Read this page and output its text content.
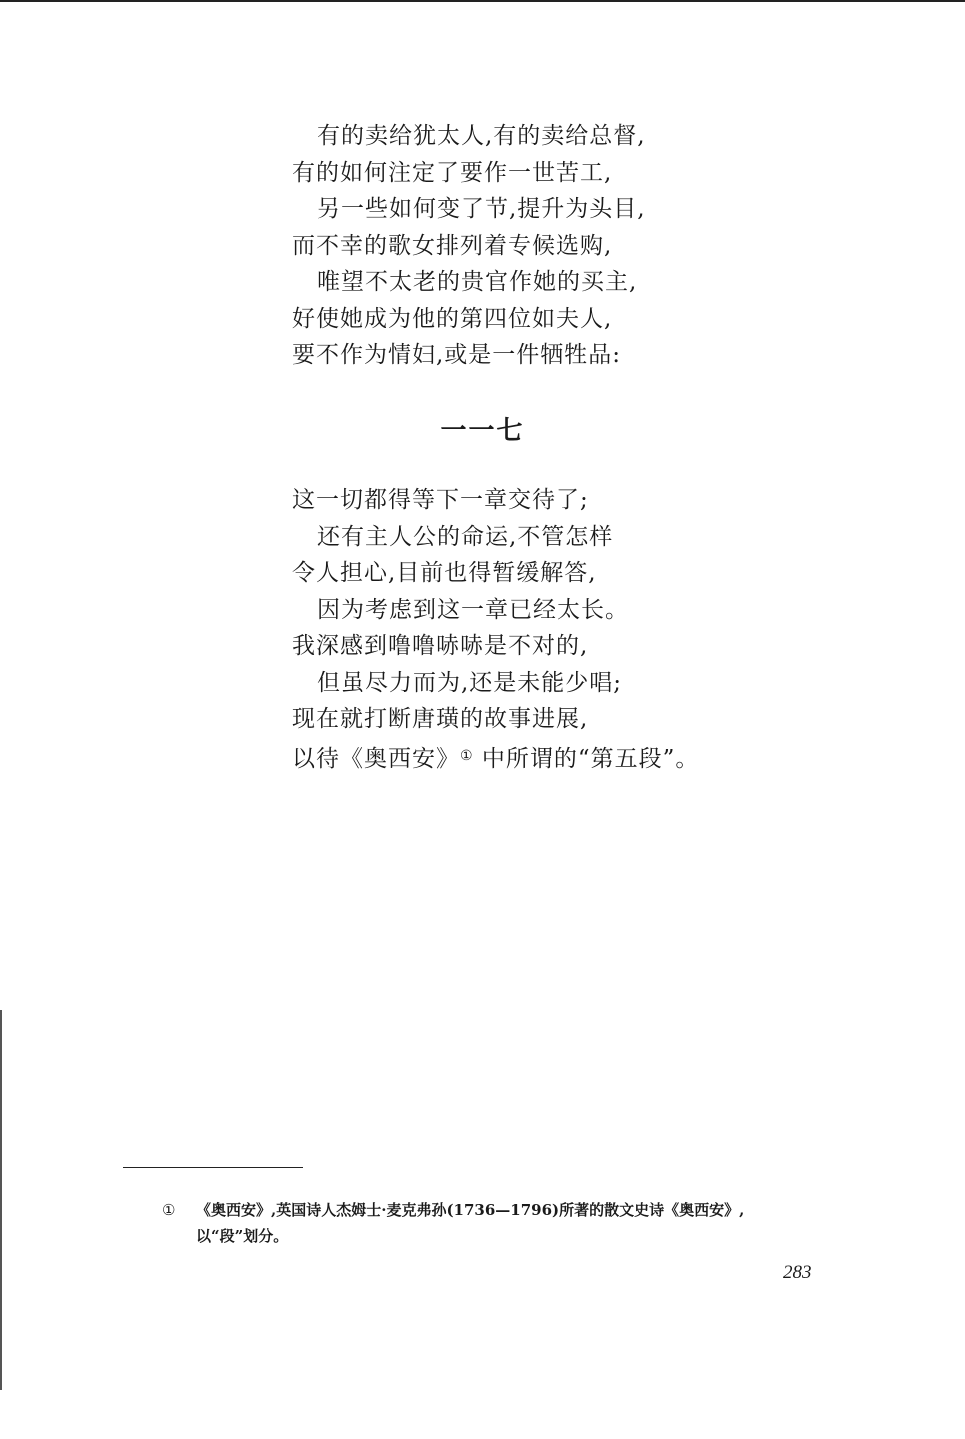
有的卖给犹太人,有的卖给总督,
有的如何注定了要作一世苦工,
另一些如何变了节,提升为头目,
而不幸的歌女排列着专候选购,
唯望不太老的贵官作她的买主,
好使她成为他的第四位如夫人,
要不作为情妇,或是一件牺牲品:
一一七
这一切都得等下一章交待了;
还有主人公的命运,不管怎样
令人担心,目前也得暂缓解答,
因为考虑到这一章已经太长。
我深感到噜噜哧哧是不对的,
但虽尽力而为,还是未能少唱;
现在就打断唐璜的故事进展,
以待《奥西安》① 中所谓的“第五段”。
① 《奥西安》,英国诗人杰姆士·麦克弗孙(1736—1796)所著的散文史诗《奥西安》,
以“段”划分。
283
